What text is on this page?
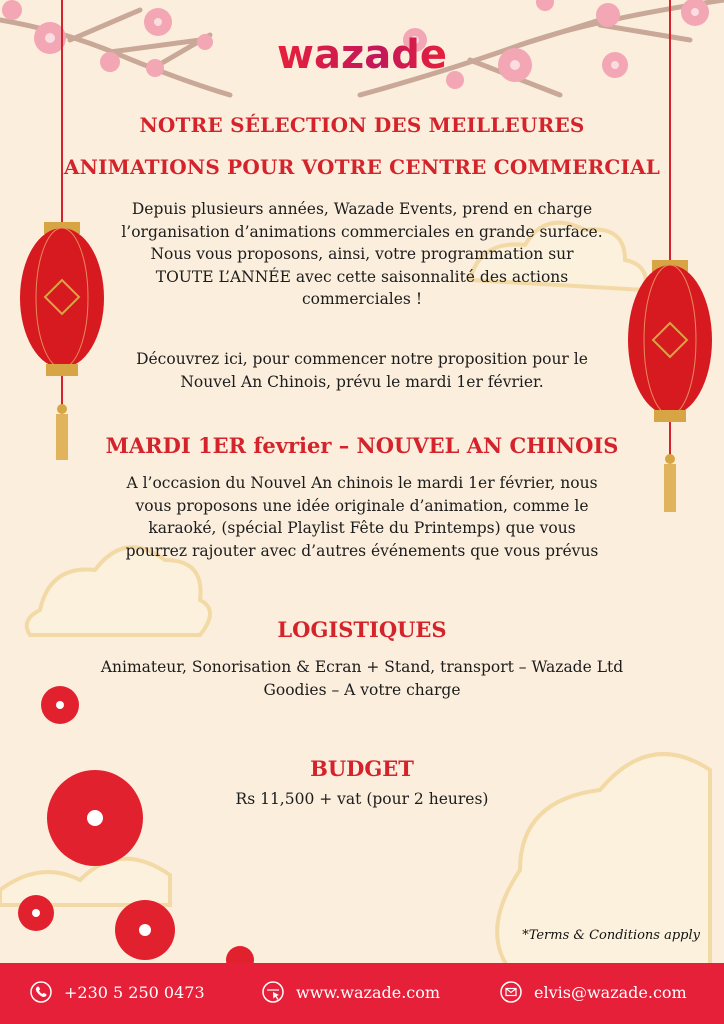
wazade
NOTRE SÉLECTION DES MEILLEURES
ANIMATIONS POUR VOTRE CENTRE COMMERCIAL
Depuis plusieurs années, Wazade Events, prend en charge
l’organisation d’animations commerciales en grande surface.
Nous vous proposons, ainsi, votre programmation sur
TOUTE L’ANNÉE avec cette saisonnalité des actions
commerciales !
Découvrez ici, pour commencer notre proposition pour le
Nouvel An Chinois, prévu le mardi 1er février.
MARDI 1ER fevrier – NOUVEL AN CHINOIS
A l’occasion du Nouvel An chinois le mardi 1er février, nous
vous proposons une idée originale d’animation, comme le
karaoké, (spécial Playlist Fête du Printemps) que vous
pourrez rajouter avec d’autres événements que vous prévus
LOGISTIQUES
Animateur, Sonorisation & Ecran + Stand, transport – Wazade Ltd
Goodies – A votre charge
BUDGET
Rs 11,500 + vat (pour 2 heures)
*Terms & Conditions apply
+230 5 250 0473	www.wazade.com	elvis@wazade.com
